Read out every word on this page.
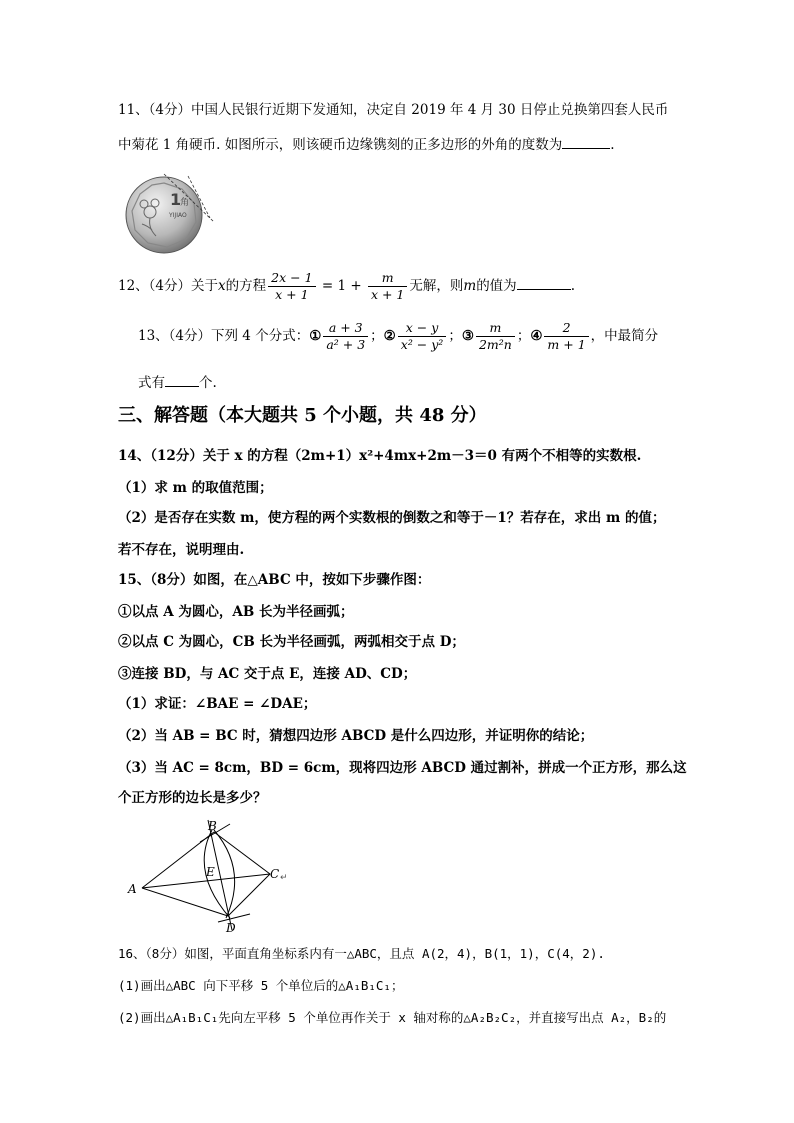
11、（4分）中国人民银行近期下发通知，决定自 2019 年 4 月 30 日停止兑换第四套人民币
中菊花 1 角硬币. 如图所示，则该硬币边缘镌刻的正多边形的外角的度数为	.
1
角
YIJIAO
12、（4分）关于x的方程 $\frac{2x - 1}{x + 1} = 1 + \frac{m}{x + 1}$ 无解，则m的值为	.
13、（4分）下列 4 个分式：① $\frac{a + 3}{\text{a² + 3}}$ ；② $\frac{x - y}{\text{x² − y²}}$ ；③ $\frac{m}{\text{2m²n}}$ ；④ $\frac{2}{m + 1}$ ，中最简分
式有	个.
三、解答题（本大题共 5 个小题，共 48 分）
14、（12分）关于 x 的方程（2m+1）x²+4mx+2m－3＝0 有两个不相等的实数根.
（1）求 m 的取值范围；
（2）是否存在实数 m，使方程的两个实数根的倒数之和等于－1？若存在，求出 m 的值；
若不存在，说明理由.
15、（8分）如图，在△ABC 中，按如下步骤作图：
①以点 A 为圆心，AB 长为半径画弧；
②以点 C 为圆心，CB 长为半径画弧，两弧相交于点 D；
③连接 BD，与 AC 交于点 E，连接 AD、CD；
（1）求证：∠BAE = ∠DAE；
（2）当 AB = BC 时，猜想四边形 ABCD 是什么四边形，并证明你的结论；
（3）当 AC = 8cm，BD = 6cm，现将四边形 ABCD 通过割补，拼成一个正方形，那么这
个正方形的边长是多少？
A
B
C ↵
D
E
16、（8分）如图，平面直角坐标系内有一△ABC，且点 A(2，4)，B(1，1)，C(4，2).
(1)画出△ABC 向下平移 5 个单位后的△A₁B₁C₁；
(2)画出△A₁B₁C₁先向左平移 5 个单位再作关于 x 轴对称的△A₂B₂C₂，并直接写出点 A₂，B₂的
